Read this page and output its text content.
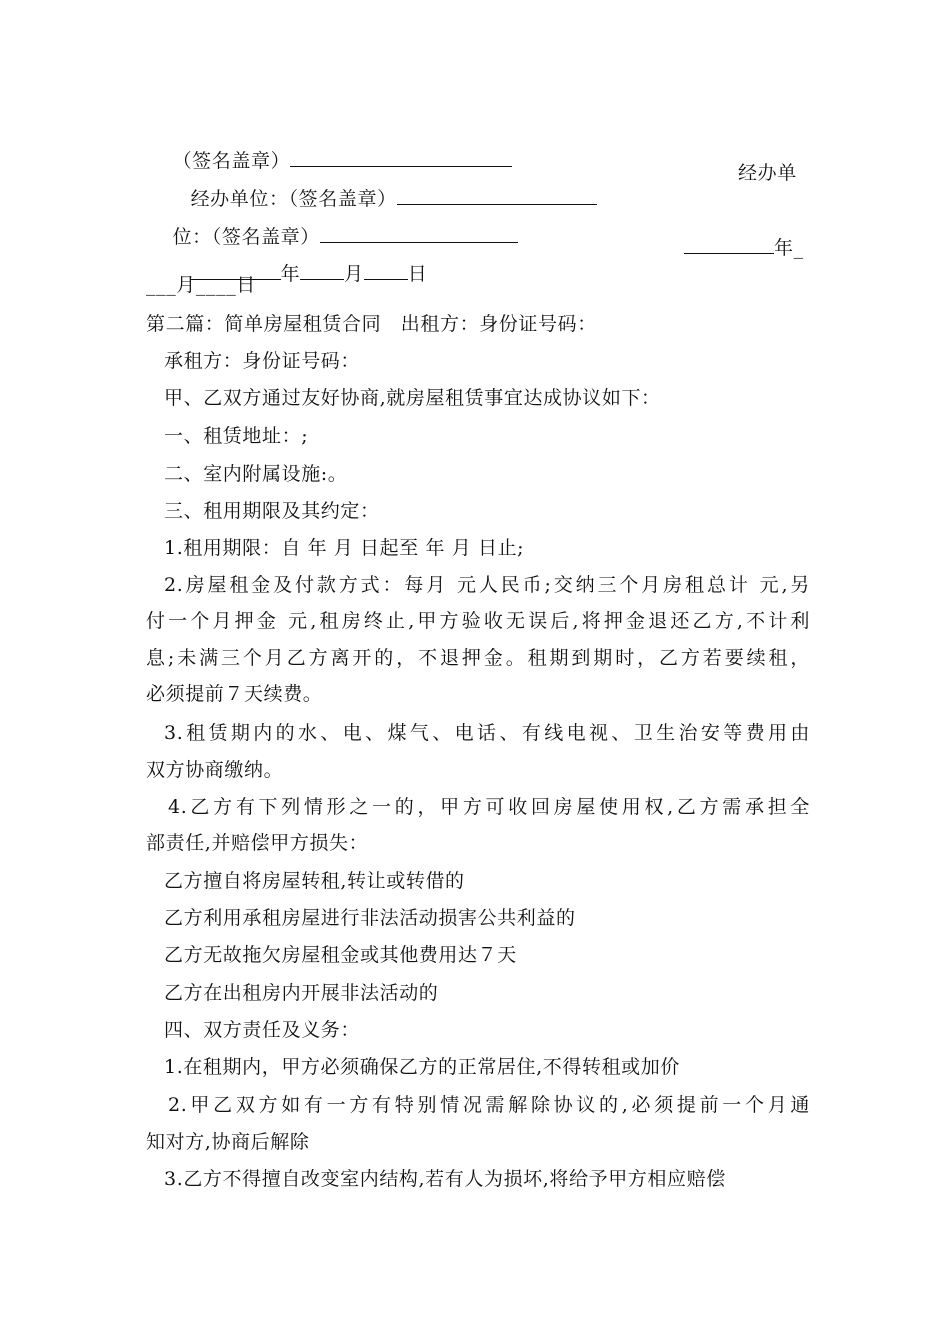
（签名盖章）

经办单位：（签名盖章）

经办单

位：（签名盖章）

年 月 日

年_

___月____日
第二篇：简单房屋租赁合同　出租方：身份证号码：
承租方：身份证号码：
甲、乙双方通过友好协商,就房屋租赁事宜达成协议如下：
一、租赁地址：;
二、室内附属设施:。
三、租用期限及其约定：
1.租用期限：自 年 月 日起至 年 月 日止;
2.房屋租金及付款方式：每月 元人民币;交纳三个月房租总计 元,另
付一个月押金 元,租房终止,甲方验收无误后,将押金退还乙方,不计利
息;未满三个月乙方离开的，不退押金。租期到期时，乙方若要续租，
必须提前７天续费。
3.租赁期内的水、电、煤气、电话、有线电视、卫生治安等费用由
双方协商缴纳。
4.乙方有下列情形之一的，甲方可收回房屋使用权,乙方需承担全
部责任,并赔偿甲方损失：
乙方擅自将房屋转租,转让或转借的
乙方利用承租房屋进行非法活动损害公共利益的
乙方无故拖欠房屋租金或其他费用达７天
乙方在出租房内开展非法活动的
四、双方责任及义务：
1.在租期内，甲方必须确保乙方的正常居住,不得转租或加价
2.甲乙双方如有一方有特别情况需解除协议的,必须提前一个月通
知对方,协商后解除
3.乙方不得擅自改变室内结构,若有人为损坏,将给予甲方相应赔偿
